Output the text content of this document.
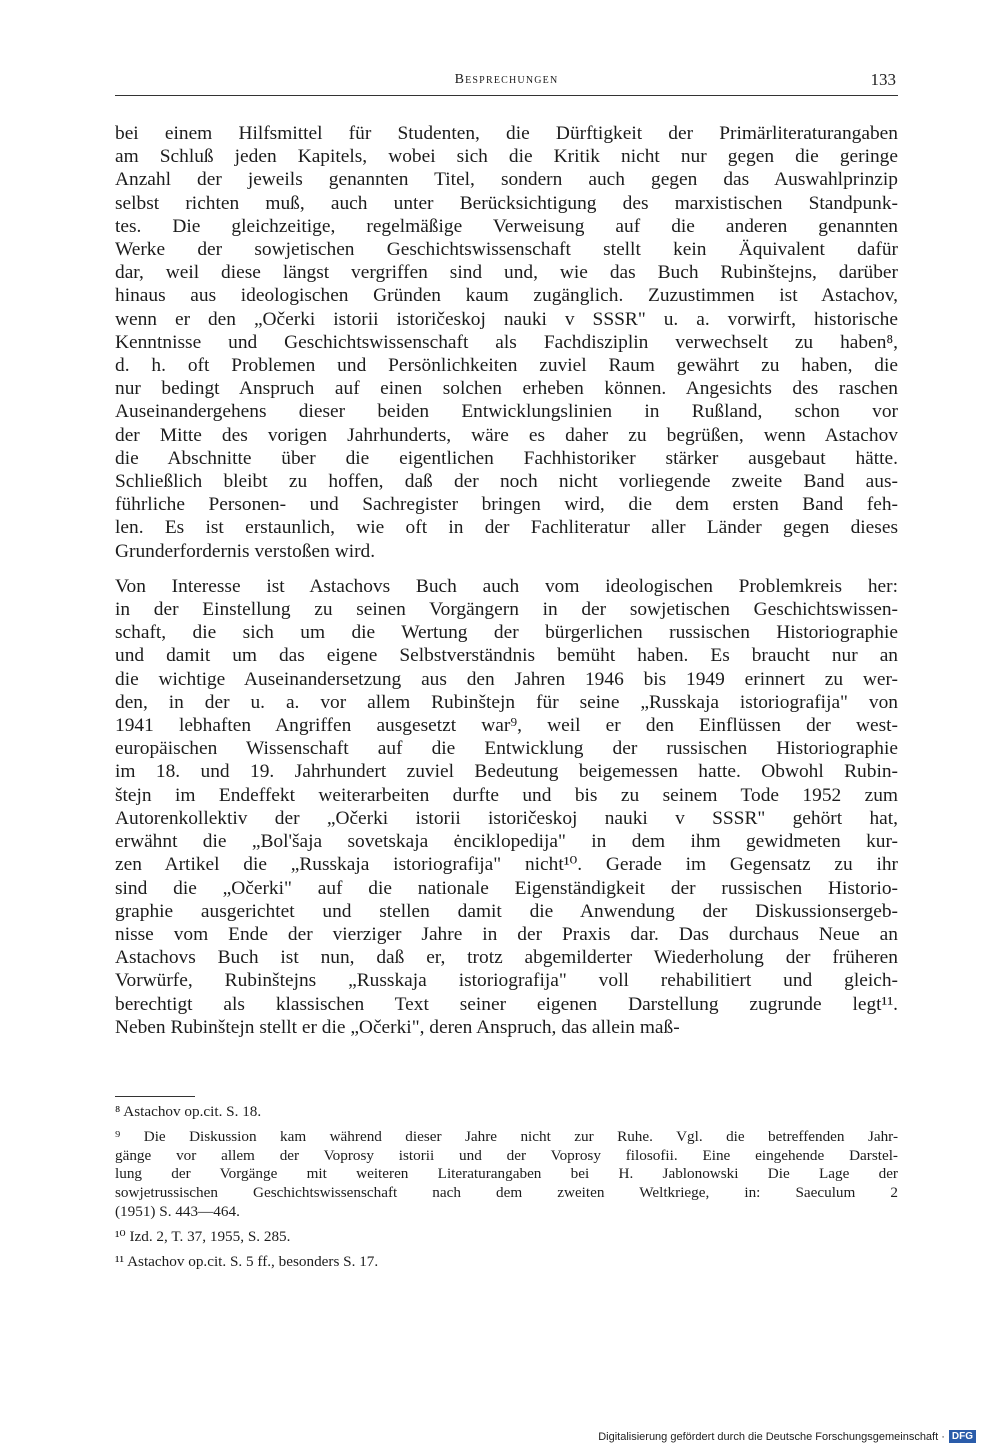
Besprechungen	133

bei einem Hilfsmittel für Studenten, die Dürftigkeit der Primärliteraturangaben
am Schluß jeden Kapitels, wobei sich die Kritik nicht nur gegen die geringe
Anzahl der jeweils genannten Titel, sondern auch gegen das Auswahlprinzip
selbst richten muß, auch unter Berücksichtigung des marxistischen Standpunk-
tes. Die gleichzeitige, regelmäßige Verweisung auf die anderen genannten
Werke der sowjetischen Geschichtswissenschaft stellt kein Äquivalent dafür
dar, weil diese längst vergriffen sind und, wie das Buch Rubinštejns, darüber
hinaus aus ideologischen Gründen kaum zugänglich. Zuzustimmen ist Astachov,
wenn er den „Očerki istorii istoričeskoj nauki v SSSR" u. a. vorwirft, historische
Kenntnisse und Geschichtswissenschaft als Fachdisziplin verwechselt zu haben⁸,
d. h. oft Problemen und Persönlichkeiten zuviel Raum gewährt zu haben, die
nur bedingt Anspruch auf einen solchen erheben können. Angesichts des raschen
Auseinandergehens dieser beiden Entwicklungslinien in Rußland, schon vor
der Mitte des vorigen Jahrhunderts, wäre es daher zu begrüßen, wenn Astachov
die Abschnitte über die eigentlichen Fachhistoriker stärker ausgebaut hätte.
Schließlich bleibt zu hoffen, daß der noch nicht vorliegende zweite Band aus-
führliche Personen- und Sachregister bringen wird, die dem ersten Band feh-
len. Es ist erstaunlich, wie oft in der Fachliteratur aller Länder gegen dieses
Grunderfordernis verstoßen wird.

Von Interesse ist Astachovs Buch auch vom ideologischen Problemkreis her:
in der Einstellung zu seinen Vorgängern in der sowjetischen Geschichtswissen-
schaft, die sich um die Wertung der bürgerlichen russischen Historiographie
und damit um das eigene Selbstverständnis bemüht haben. Es braucht nur an
die wichtige Auseinandersetzung aus den Jahren 1946 bis 1949 erinnert zu wer-
den, in der u. a. vor allem Rubinštejn für seine „Russkaja istoriografija" von
1941 lebhaften Angriffen ausgesetzt war⁹, weil er den Einflüssen der west-
europäischen Wissenschaft auf die Entwicklung der russischen Historiographie
im 18. und 19. Jahrhundert zuviel Bedeutung beigemessen hatte. Obwohl Rubin-
štejn im Endeffekt weiterarbeiten durfte und bis zu seinem Tode 1952 zum
Autorenkollektiv der „Očerki istorii istoričeskoj nauki v SSSR" gehört hat,
erwähnt die „Bol'šaja sovetskaja ėnciklopedija" in dem ihm gewidmeten kur-
zen Artikel die „Russkaja istoriografija" nicht¹⁰. Gerade im Gegensatz zu ihr
sind die „Očerki" auf die nationale Eigenständigkeit der russischen Historio-
graphie ausgerichtet und stellen damit die Anwendung der Diskussionsergeb-
nisse vom Ende der vierziger Jahre in der Praxis dar. Das durchaus Neue an
Astachovs Buch ist nun, daß er, trotz abgemilderter Wiederholung der früheren
Vorwürfe, Rubinštejns „Russkaja istoriografija" voll rehabilitiert und gleich-
berechtigt als klassischen Text seiner eigenen Darstellung zugrunde legt¹¹.
Neben Rubinštejn stellt er die „Očerki", deren Anspruch, das allein maß-

⁸ Astachov op.cit. S. 18.

⁹ Die Diskussion kam während dieser Jahre nicht zur Ruhe. Vgl. die betreffenden Jahr-
gänge vor allem der Voprosy istorii und der Voprosy filosofii. Eine eingehende Darstel-
lung der Vorgänge mit weiteren Literaturangaben bei H. Jablonowski Die Lage der
sowjetrussischen Geschichtswissenschaft nach dem zweiten Weltkriege, in: Saeculum 2
(1951) S. 443—464.

¹⁰ Izd. 2, T. 37, 1955, S. 285.

¹¹ Astachov op.cit. S. 5 ff., besonders S. 17.

Digitalisierung gefördert durch die Deutsche Forschungsgemeinschaft · DFG
